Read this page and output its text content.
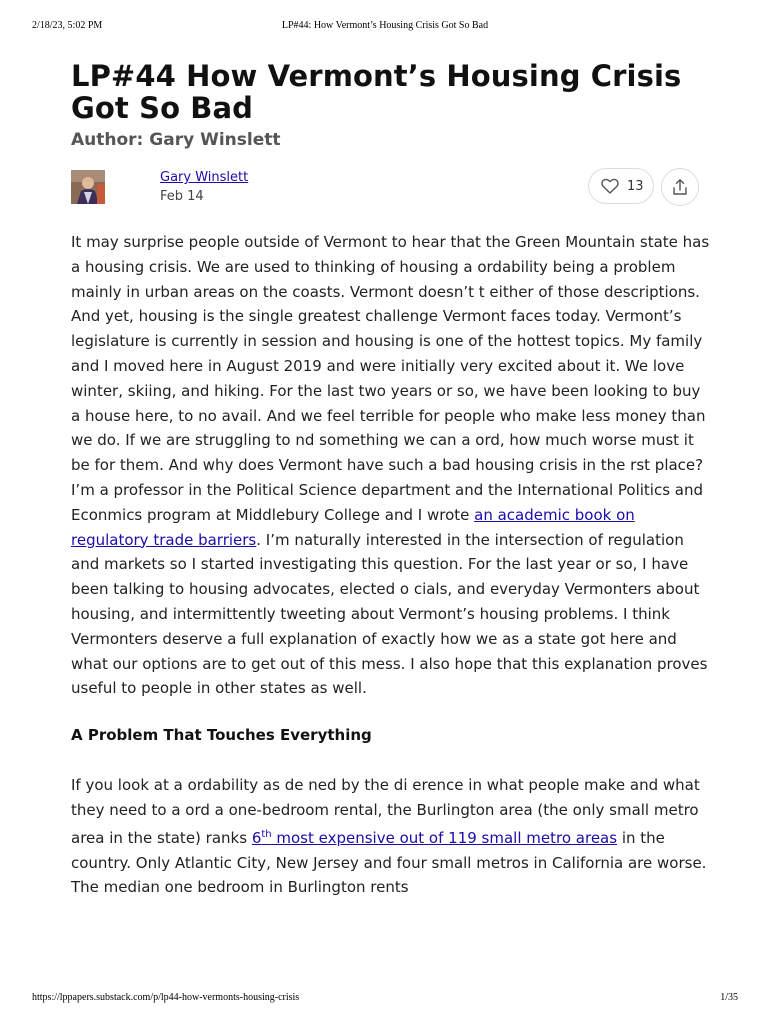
2/18/23, 5:02 PM	LP#44: How Vermont’s Housing Crisis Got So Bad
LP#44 How Vermont’s Housing Crisis Got So Bad
Author: Gary Winslett
Gary Winslett
Feb 14
13

It may surprise people outside of Vermont to hear that the Green Mountain state has a housing crisis. We are used to thinking of housing a ordability being a problem mainly in urban areas on the coasts. Vermont doesn’t t either of those descriptions. And yet, housing is the single greatest challenge Vermont faces today. Vermont’s legislature is currently in session and housing is one of the hottest topics. My family and I moved here in August 2019 and were initially very excited about it. We love winter, skiing, and hiking. For the last two years or so, we have been looking to buy a house here, to no avail. And we feel terrible for people who make less money than we do. If we are struggling to nd something we can a ord, how much worse must it be for them. And why does Vermont have such a bad housing crisis in the rst place? I’m a professor in the Political Science department and the International Politics and Econmics program at Middlebury College and I wrote an academic book on regulatory trade barriers. I’m naturally interested in the intersection of regulation and markets so I started investigating this question. For the last year or so, I have been talking to housing advocates, elected o cials, and everyday Vermonters about housing, and intermittently tweeting about Vermont’s housing problems. I think Vermonters deserve a full explanation of exactly how we as a state got here and what our options are to get out of this mess. I also hope that this explanation proves useful to people in other states as well.

A Problem That Touches Everything

If you look at a ordability as de ned by the di erence in what people make and what they need to a ord a one-bedroom rental, the Burlington area (the only small metro area in the state) ranks 6th most expensive out of 119 small metro areas in the country. Only Atlantic City, New Jersey and four small metros in California are worse. The median one bedroom in Burlington rents

https://lppapers.substack.com/p/lp44-how-vermonts-housing-crisis	1/35
